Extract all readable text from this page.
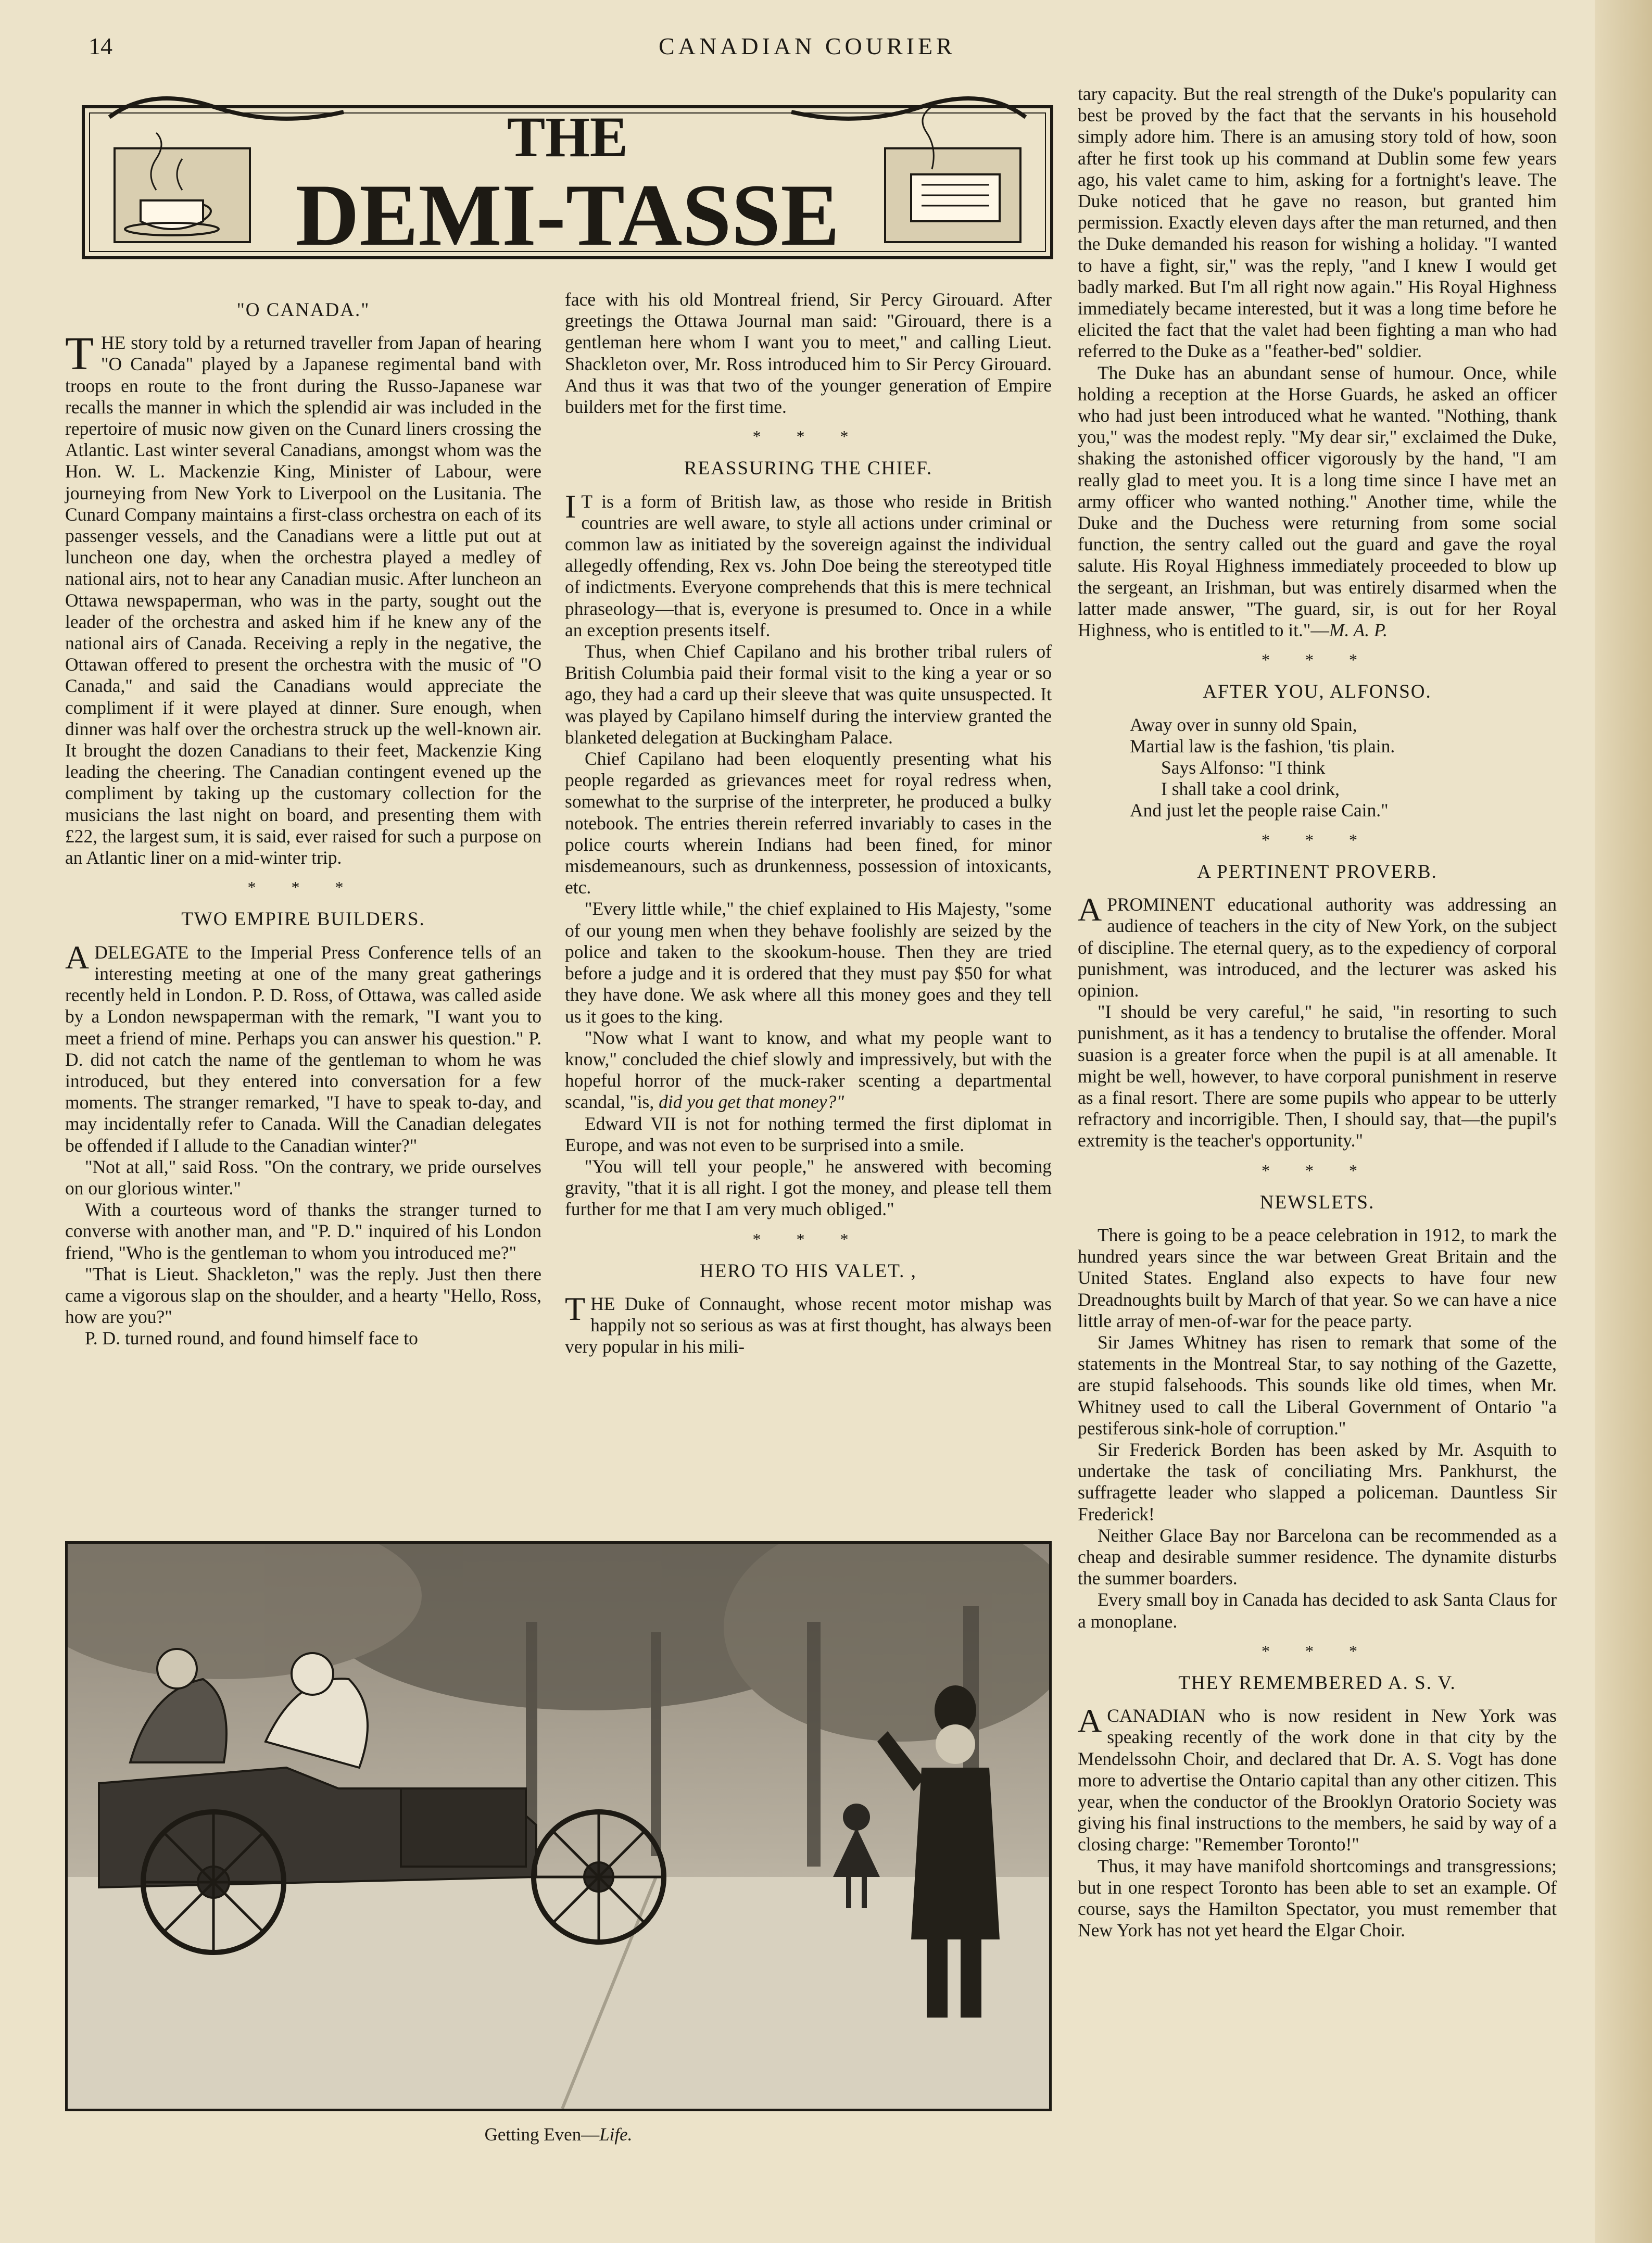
14	CANADIAN COURIER
THE
DEMI-TASSE
"O CANADA."

THE story told by a returned traveller from Japan of hearing "O Canada" played by a Japanese regimental band with troops en route to the front during the Russo-Japanese war recalls the manner in which the splendid air was included in the repertoire of music now given on the Cunard liners crossing the Atlantic. Last winter several Canadians, amongst whom was the Hon. W. L. Mackenzie King, Minister of Labour, were journeying from New York to Liverpool on the Lusitania. The Cunard Company maintains a first-class orchestra on each of its passenger vessels, and the Canadians were a little put out at luncheon one day, when the orchestra played a medley of national airs, not to hear any Canadian music. After luncheon an Ottawa newspaperman, who was in the party, sought out the leader of the orchestra and asked him if he knew any of the national airs of Canada. Receiving a reply in the negative, the Ottawan offered to present the orchestra with the music of "O Canada," and said the Canadians would appreciate the compliment if it were played at dinner. Sure enough, when dinner was half over the orchestra struck up the well-known air. It brought the dozen Canadians to their feet, Mackenzie King leading the cheering. The Canadian contingent evened up the compliment by taking up the customary collection for the musicians the last night on board, and presenting them with £22, the largest sum, it is said, ever raised for such a purpose on an Atlantic liner on a mid-winter trip.

* * *
TWO EMPIRE BUILDERS.

ADELEGATE to the Imperial Press Conference tells of an interesting meeting at one of the many great gatherings recently held in London. P. D. Ross, of Ottawa, was called aside by a London newspaperman with the remark, "I want you to meet a friend of mine. Perhaps you can answer his question." P. D. did not catch the name of the gentleman to whom he was introduced, but they entered into conversation for a few moments. The stranger remarked, "I have to speak to-day, and may incidentally refer to Canada. Will the Canadian delegates be offended if I allude to the Canadian winter?"

"Not at all," said Ross. "On the contrary, we pride ourselves on our glorious winter."

With a courteous word of thanks the stranger turned to converse with another man, and "P. D." inquired of his London friend, "Who is the gentleman to whom you introduced me?"

"That is Lieut. Shackleton," was the reply. Just then there came a vigorous slap on the shoulder, and a hearty "Hello, Ross, how are you?"

P. D. turned round, and found himself face to

face with his old Montreal friend, Sir Percy Girouard. After greetings the Ottawa Journal man said: "Girouard, there is a gentleman here whom I want you to meet," and calling Lieut. Shackleton over, Mr. Ross introduced him to Sir Percy Girouard. And thus it was that two of the younger generation of Empire builders met for the first time.

* * *
REASSURING THE CHIEF.

I T is a form of British law, as those who reside in British countries are well aware, to style all actions under criminal or common law as initiated by the sovereign against the individual allegedly offending, Rex vs. John Doe being the stereotyped title of indictments. Everyone comprehends that this is mere technical phraseology—that is, everyone is presumed to. Once in a while an exception presents itself.

Thus, when Chief Capilano and his brother tribal rulers of British Columbia paid their formal visit to the king a year or so ago, they had a card up their sleeve that was quite unsuspected. It was played by Capilano himself during the interview granted the blanketed delegation at Buckingham Palace.

Chief Capilano had been eloquently presenting what his people regarded as grievances meet for royal redress when, somewhat to the surprise of the interpreter, he produced a bulky notebook. The entries therein referred invariably to cases in the police courts wherein Indians had been fined, for minor misdemeanours, such as drunkenness, possession of intoxicants, etc.

"Every little while," the chief explained to His Majesty, "some of our young men when they behave foolishly are seized by the police and taken to the skookum-house. Then they are tried before a judge and it is ordered that they must pay $50 for what they have done. We ask where all this money goes and they tell us it goes to the king.

"Now what I want to know, and what my people want to know," concluded the chief slowly and impressively, but with the hopeful horror of the muck-raker scenting a departmental scandal, "is, did you get that money?"

Edward VII is not for nothing termed the first diplomat in Europe, and was not even to be surprised into a smile.

"You will tell your people," he answered with becoming gravity, "that it is all right. I got the money, and please tell them further for me that I am very much obliged."

* * *
HERO TO HIS VALET. ,

THE Duke of Connaught, whose recent motor mishap was happily not so serious as was at first thought, has always been very popular in his mili-

tary capacity. But the real strength of the Duke's popularity can best be proved by the fact that the servants in his household simply adore him. There is an amusing story told of how, soon after he first took up his command at Dublin some few years ago, his valet came to him, asking for a fortnight's leave. The Duke noticed that he gave no reason, but granted him permission. Exactly eleven days after the man returned, and then the Duke demanded his reason for wishing a holiday. "I wanted to have a fight, sir," was the reply, "and I knew I would get badly marked. But I'm all right now again." His Royal Highness immediately became interested, but it was a long time before he elicited the fact that the valet had been fighting a man who had referred to the Duke as a "feather-bed" soldier.

The Duke has an abundant sense of humour. Once, while holding a reception at the Horse Guards, he asked an officer who had just been introduced what he wanted. "Nothing, thank you," was the modest reply. "My dear sir," exclaimed the Duke, shaking the astonished officer vigorously by the hand, "I am really glad to meet you. It is a long time since I have met an army officer who wanted nothing." Another time, while the Duke and the Duchess were returning from some social function, the sentry called out the guard and gave the royal salute. His Royal Highness immediately proceeded to blow up the sergeant, an Irishman, but was entirely disarmed when the latter made answer, "The guard, sir, is out for her Royal Highness, who is entitled to it."—M. A. P.

* * *
AFTER YOU, ALFONSO.
Away over in sunny old Spain,
Martial law is the fashion, 'tis plain.
Says Alfonso: "I think
I shall take a cool drink,
And just let the people raise Cain."
* * *
A PERTINENT PROVERB.

APROMINENT educational authority was addressing an audience of teachers in the city of New York, on the subject of discipline. The eternal query, as to the expediency of corporal punishment, was introduced, and the lecturer was asked his opinion.

"I should be very careful," he said, "in resorting to such punishment, as it has a tendency to brutalise the offender. Moral suasion is a greater force when the pupil is at all amenable. It might be well, however, to have corporal punishment in reserve as a final resort. There are some pupils who appear to be utterly refractory and incorrigible. Then, I should say, that—the pupil's extremity is the teacher's opportunity."

* * *
NEWSLETS.

There is going to be a peace celebration in 1912, to mark the hundred years since the war between Great Britain and the United States. England also expects to have four new Dreadnoughts built by March of that year. So we can have a nice little array of men-of-war for the peace party.

Sir James Whitney has risen to remark that some of the statements in the Montreal Star, to say nothing of the Gazette, are stupid falsehoods. This sounds like old times, when Mr. Whitney used to call the Liberal Government of Ontario "a pestiferous sink-hole of corruption."

Sir Frederick Borden has been asked by Mr. Asquith to undertake the task of conciliating Mrs. Pankhurst, the suffragette leader who slapped a policeman. Dauntless Sir Frederick!

Neither Glace Bay nor Barcelona can be recommended as a cheap and desirable summer residence. The dynamite disturbs the summer boarders.

Every small boy in Canada has decided to ask Santa Claus for a monoplane.

* * *
THEY REMEMBERED A. S. V.

ACANADIAN who is now resident in New York was speaking recently of the work done in that city by the Mendelssohn Choir, and declared that Dr. A. S. Vogt has done more to advertise the Ontario capital than any other citizen. This year, when the conductor of the Brooklyn Oratorio Society was giving his final instructions to the members, he said by way of a closing charge: "Remember Toronto!"

Thus, it may have manifold shortcomings and transgressions; but in one respect Toronto has been able to set an example. Of course, says the Hamilton Spectator, you must remember that New York has not yet heard the Elgar Choir.

Getting Even—Life.
